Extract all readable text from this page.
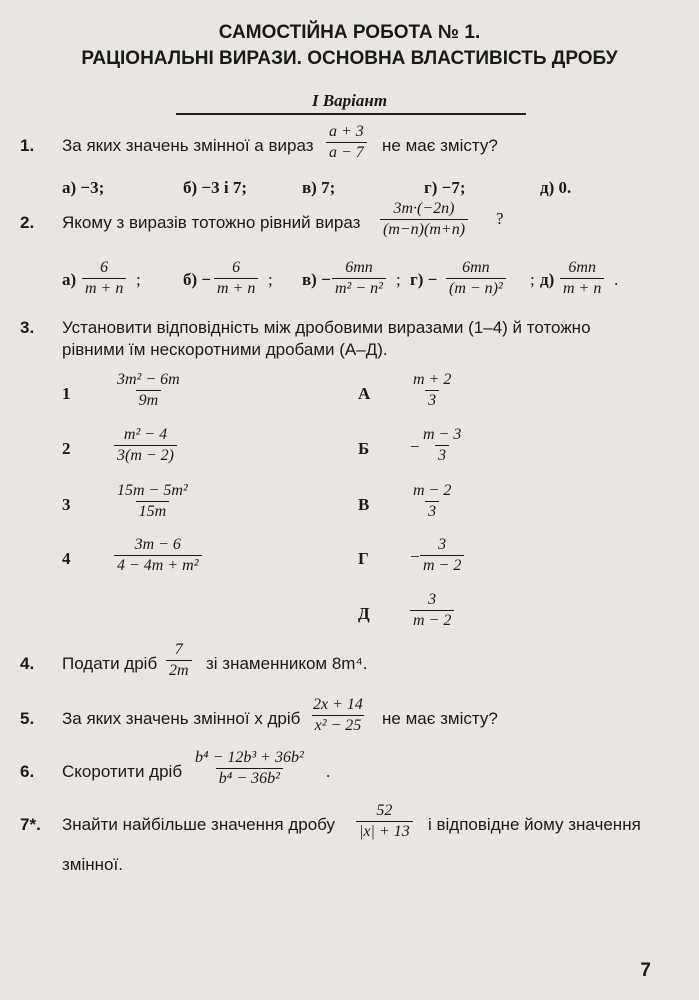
САМОСТІЙНА РОБОТА № 1.
РАЦІОНАЛЬНІ ВИРАЗИ. ОСНОВНА ВЛАСТИВІСТЬ ДРОБУ
I Варіант
1. За яких значень змінної a вираз $\frac{a + 3}{a - 7}$ не має змісту?
а) −3;	б) −3 і 7;	в) 7;	г) −7;	д) 0.
2. Якому з виразів тотожно рівний вираз $\frac{3m\cdot(-2n)}{(m-n)(m+n)}$ ?
$а) \frac{6}{m + n}$ ; $б) - \frac{6}{m + n}$ ; $в) - \frac{6mn}{\text{m² − n²}}$ ; $г) - \frac{6mn}{\text{(m − n)²}}$ ; $д) \frac{6mn}{m + n}$ .
3. Установити відповідність між дробовими виразами (1–4) й тотожно
рівними їм нескоротними дробами (А–Д).
1	$\frac{\text{3m² − 6m}}{9m}$
2	$\frac{\text{m² − 4}}{3(m - 2)}$
3	$\frac{\text{15m − 5m²}}{15m}$
4	$\frac{3m - 6}{\text{4 − 4m + m²}}$
А $\frac{m + 2}{3}$
$Б - \frac{m - 3}{3}$
В	$\frac{m - 2}{3}$
$Г - \frac{3}{m - 2}$
Д	$\frac{3}{m - 2}$
4. Подати дріб $\frac{7}{2m}$ зі знаменником 8m⁴.
5. За яких значень змінної x дріб $\frac{2x + 14}{\text{x² − 25}}$ не має змісту?
6. Скоротити дріб $\frac{\text{b⁴ − 12b³ + 36b²}}{\text{b⁴ − 36b²}}$ .
7*. Знайти найбільше значення дробу $\frac{52}{|x| + 13}$ і відповідне йому значення
змінної.
7
